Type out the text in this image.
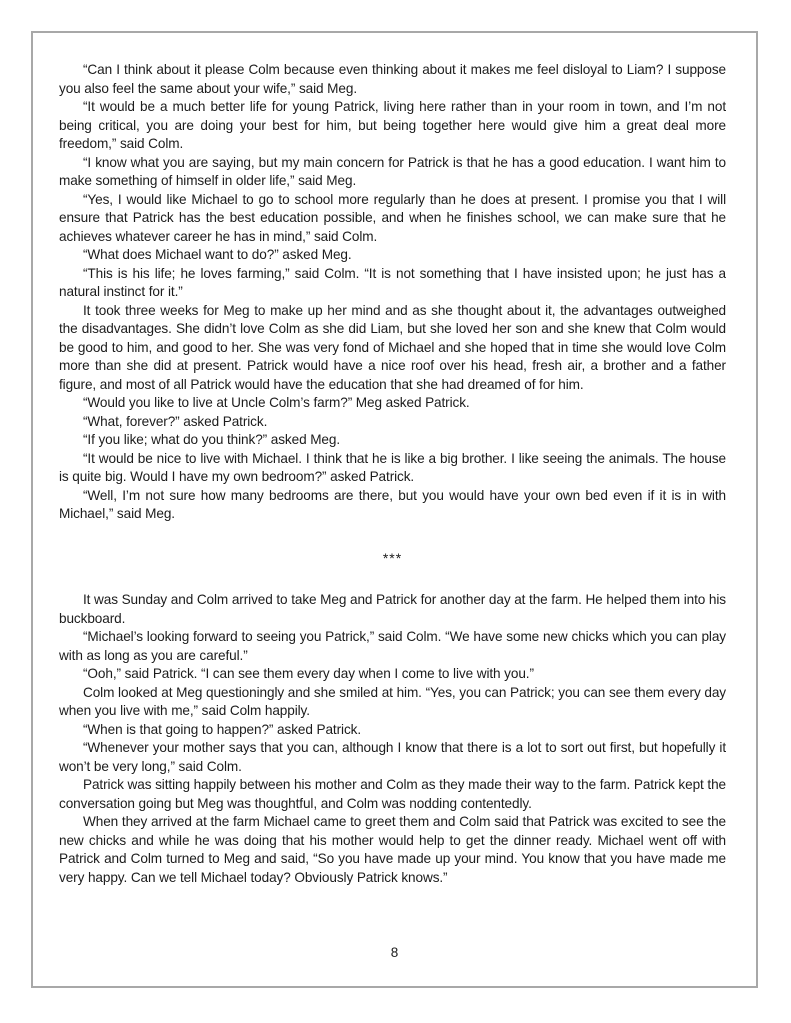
“Can I think about it please Colm because even thinking about it makes me feel disloyal to Liam? I suppose you also feel the same about your wife,” said Meg.

“It would be a much better life for young Patrick, living here rather than in your room in town, and I’m not being critical, you are doing your best for him, but being together here would give him a great deal more freedom,” said Colm.

“I know what you are saying, but my main concern for Patrick is that he has a good education. I want him to make something of himself in older life,” said Meg.

“Yes, I would like Michael to go to school more regularly than he does at present. I promise you that I will ensure that Patrick has the best education possible, and when he finishes school, we can make sure that he achieves whatever career he has in mind,” said Colm.

“What does Michael want to do?” asked Meg.

“This is his life; he loves farming,” said Colm. “It is not something that I have insisted upon; he just has a natural instinct for it.”

It took three weeks for Meg to make up her mind and as she thought about it, the advantages outweighed the disadvantages. She didn’t love Colm as she did Liam, but she loved her son and she knew that Colm would be good to him, and good to her. She was very fond of Michael and she hoped that in time she would love Colm more than she did at present. Patrick would have a nice roof over his head, fresh air, a brother and a father figure, and most of all Patrick would have the education that she had dreamed of for him.

“Would you like to live at Uncle Colm’s farm?” Meg asked Patrick.

“What, forever?” asked Patrick.

“If you like; what do you think?” asked Meg.

“It would be nice to live with Michael. I think that he is like a big brother. I like seeing the animals. The house is quite big. Would I have my own bedroom?” asked Patrick.

“Well, I’m not sure how many bedrooms are there, but you would have your own bed even if it is in with Michael,” said Meg.

***

It was Sunday and Colm arrived to take Meg and Patrick for another day at the farm. He helped them into his buckboard.

“Michael’s looking forward to seeing you Patrick,” said Colm. “We have some new chicks which you can play with as long as you are careful.”

“Ooh,” said Patrick. “I can see them every day when I come to live with you.”

Colm looked at Meg questioningly and she smiled at him. “Yes, you can Patrick; you can see them every day when you live with me,” said Colm happily.

“When is that going to happen?” asked Patrick.

“Whenever your mother says that you can, although I know that there is a lot to sort out first, but hopefully it won’t be very long,” said Colm.

Patrick was sitting happily between his mother and Colm as they made their way to the farm. Patrick kept the conversation going but Meg was thoughtful, and Colm was nodding contentedly.

When they arrived at the farm Michael came to greet them and Colm said that Patrick was excited to see the new chicks and while he was doing that his mother would help to get the dinner ready. Michael went off with Patrick and Colm turned to Meg and said, “So you have made up your mind. You know that you have made me very happy. Can we tell Michael today? Obviously Patrick knows.”

8
